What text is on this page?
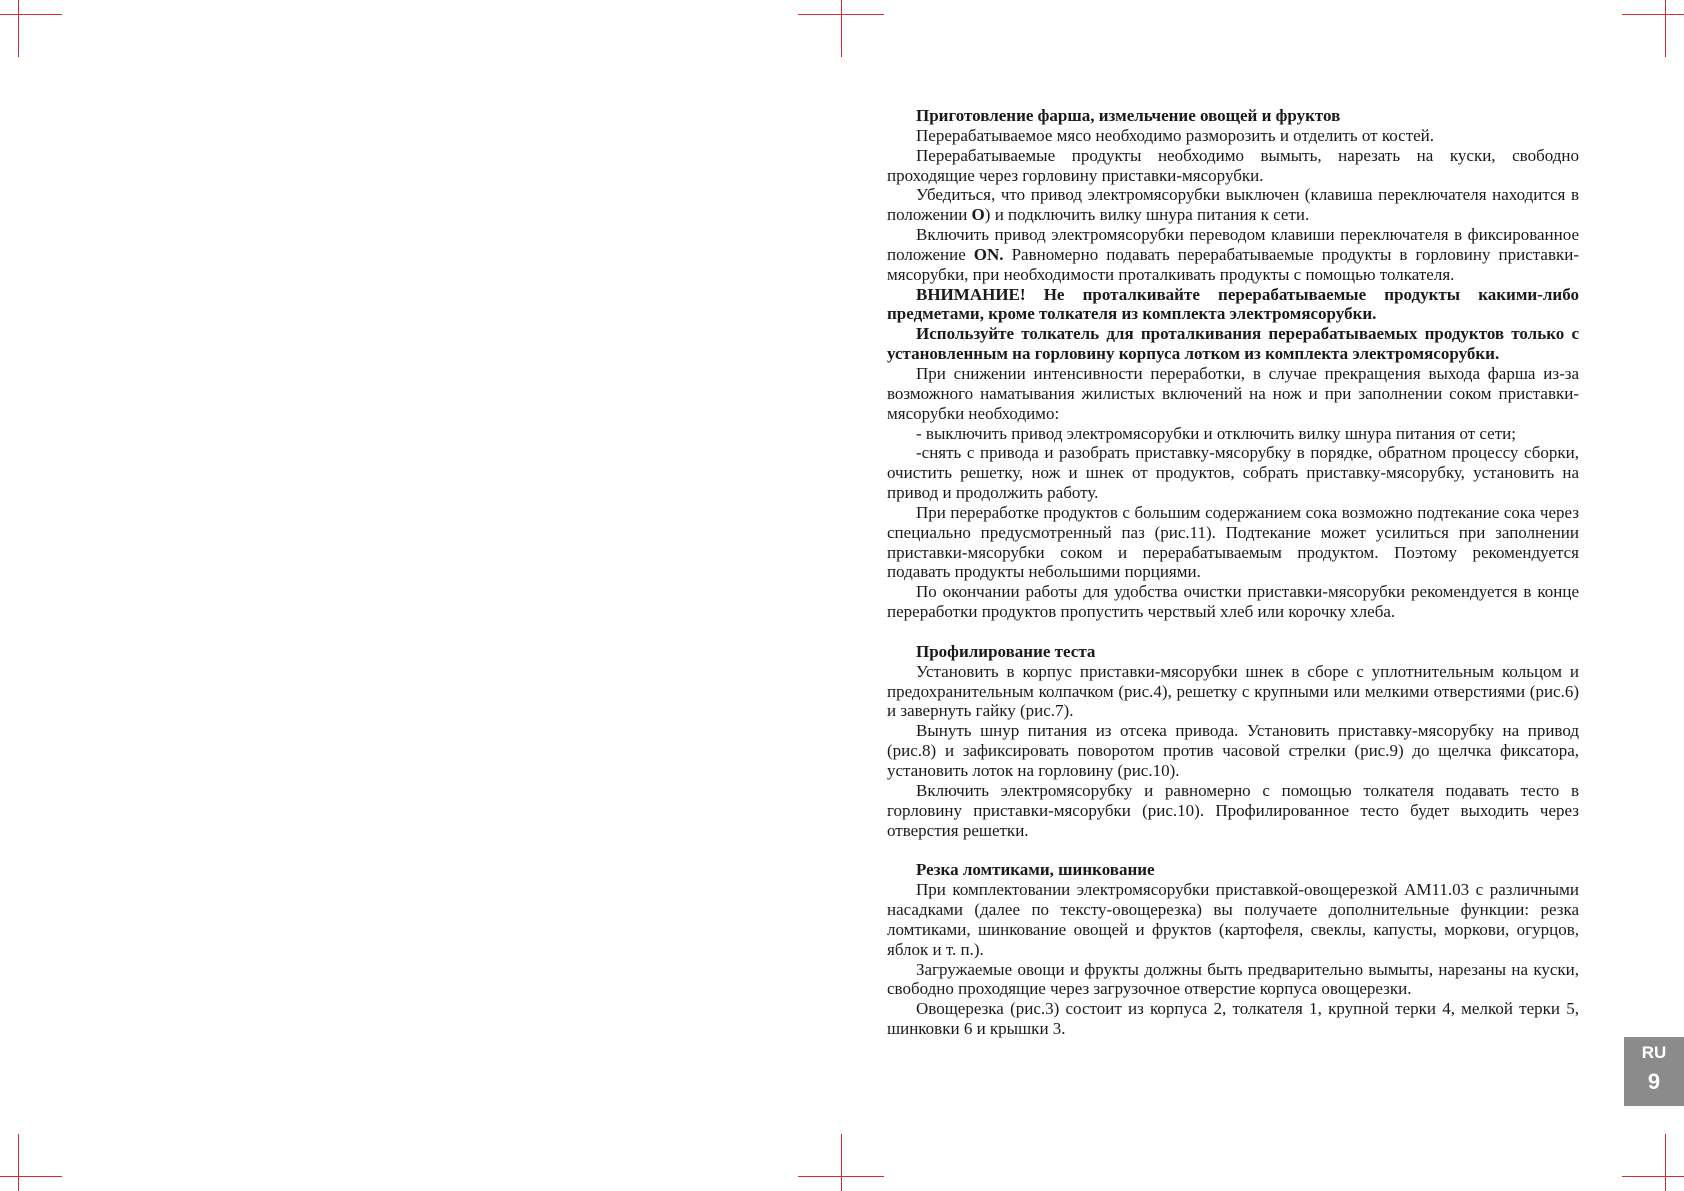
Приготовление фарша, измельчение овощей и фруктов

Перерабатываемое мясо необходимо разморозить и отделить от костей.

Перерабатываемые продукты необходимо вымыть, нарезать на куски, свободно проходящие через горловину приставки-мясорубки.

Убедиться, что привод электромясорубки выключен (клавиша переключателя находится в положении O) и подключить вилку шнура питания к сети.

Включить привод электромясорубки переводом клавиши переключателя в фиксированное положение ON. Равномерно подавать перерабатываемые продукты в горловину приставки-мясорубки, при необходимости проталкивать продукты с помощью толкателя.

ВНИМАНИЕ! Не проталкивайте перерабатываемые продукты какими-либо предметами, кроме толкателя из комплекта электромясорубки.

Используйте толкатель для проталкивания перерабатываемых продуктов только с установленным на горловину корпуса лотком из комплекта электромясорубки.

При снижении интенсивности переработки, в случае прекращения выхода фарша из-за возможного наматывания жилистых включений на нож и при заполнении соком приставки-мясорубки необходимо:

- выключить привод электромясорубки и отключить вилку шнура питания от сети;

-снять с привода и разобрать приставку-мясорубку в порядке, обратном процессу сборки, очистить решетку, нож и шнек от продуктов, собрать приставку-мясорубку, установить на привод и продолжить работу.

При переработке продуктов с большим содержанием сока возможно подтекание сока через специально предусмотренный паз (рис.11). Подтекание может усилиться при заполнении приставки-мясорубки соком и перерабатываемым продуктом. Поэтому рекомендуется подавать продукты небольшими порциями.

По окончании работы для удобства очистки приставки-мясорубки рекомендуется в конце переработки продуктов пропустить черствый хлеб или корочку хлеба.

Профилирование теста

Установить в корпус приставки-мясорубки шнек в сборе с уплотнительным кольцом и предохранительным колпачком (рис.4), решетку с крупными или мелкими отверстиями (рис.6) и завернуть гайку (рис.7).

Вынуть шнур питания из отсека привода. Установить приставку-мясорубку на привод (рис.8) и зафиксировать поворотом против часовой стрелки (рис.9) до щелчка фиксатора, установить лоток на горловину (рис.10).

Включить электромясорубку и равномерно с помощью толкателя подавать тесто в горловину приставки-мясорубки (рис.10). Профилированное тесто будет выходить через отверстия решетки.

Резка ломтиками, шинкование

При комплектовании электромясорубки приставкой-овощерезкой АМ11.03 с различными насадками (далее по тексту-овощерезка) вы получаете дополнительные функции: резка ломтиками, шинкование овощей и фруктов (картофеля, свеклы, капусты, моркови, огурцов, яблок и т. п.).

Загружаемые овощи и фрукты должны быть предварительно вымыты, нарезаны на куски, свободно проходящие через загрузочное отверстие корпуса овощерезки.

Овощерезка (рис.3) состоит из корпуса 2, толкателя 1, крупной терки 4, мелкой терки 5, шинковки 6 и крышки 3.

RU
9
